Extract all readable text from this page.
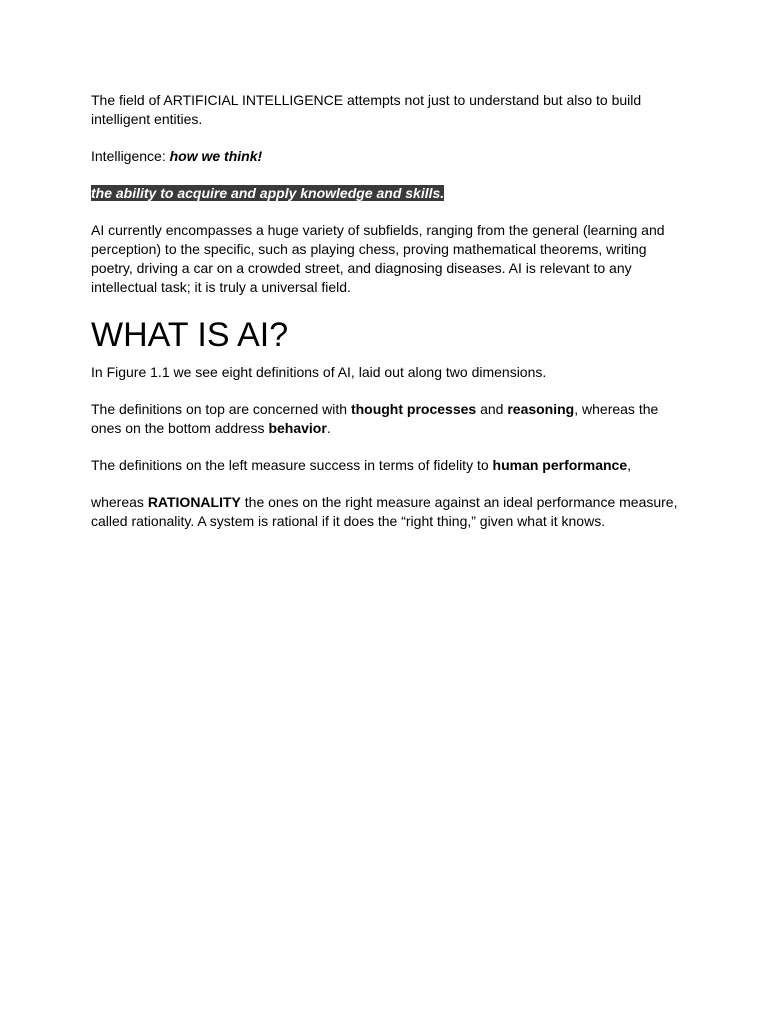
The field of ARTIFICIAL INTELLIGENCE attempts not just to understand but also to build intelligent entities.

Intelligence: how we think!

the ability to acquire and apply knowledge and skills.

AI currently encompasses a huge variety of subfields, ranging from the general (learning and perception) to the specific, such as playing chess, proving mathematical theorems, writing poetry, driving a car on a crowded street, and diagnosing diseases. AI is relevant to any intellectual task; it is truly a universal field.

WHAT IS AI?

In Figure 1.1 we see eight definitions of AI, laid out along two dimensions.

The definitions on top are concerned with thought processes and reasoning, whereas the ones on the bottom address behavior.

The definitions on the left measure success in terms of fidelity to human performance,

whereas RATIONALITY the ones on the right measure against an ideal performance measure, called rationality. A system is rational if it does the “right thing,” given what it knows.
